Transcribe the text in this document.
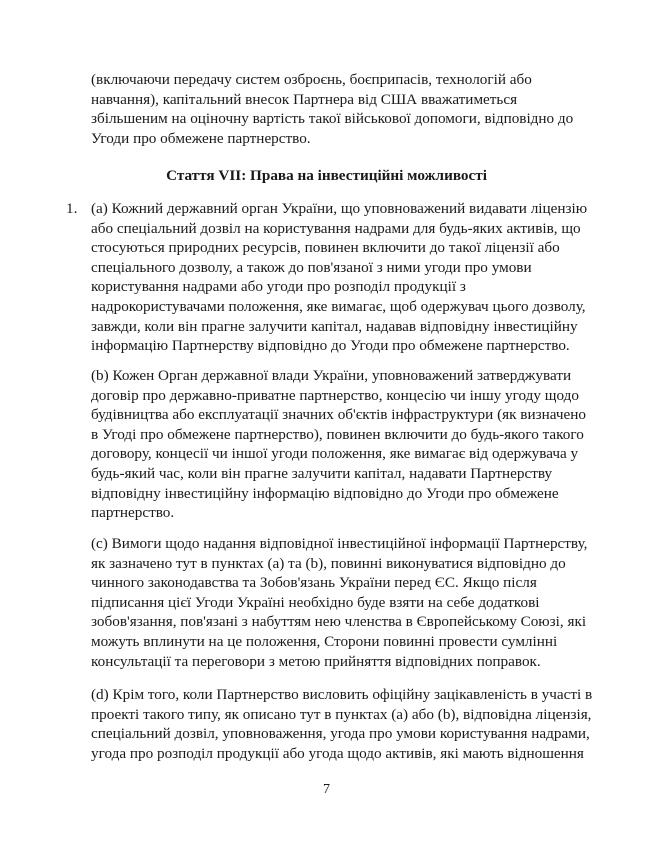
(включаючи передачу систем озброєнь, боєприпасів, технологій або
навчання), капітальний внесок Партнера від США вважатиметься
збільшеним на оціночну вартість такої військової допомоги, відповідно до
Угоди про обмежене партнерство.

Стаття VII: Права на інвестиційні можливості
1. (a) Кожний державний орган України, що уповноважений видавати ліцензію
або спеціальний дозвіл на користування надрами для будь-яких активів, що
стосуються природних ресурсів, повинен включити до такої ліцензії або
спеціального дозволу, а також до пов'язаної з ними угоди про умови
користування надрами або угоди про розподіл продукції з
надрокористувачами положення, яке вимагає, щоб одержувач цього дозволу,
завжди, коли він прагне залучити капітал, надавав відповідну інвестиційну
інформацію Партнерству відповідно до Угоди про обмежене партнерство.

(b) Кожен Орган державної влади України, уповноважений затверджувати
договір про державно-приватне партнерство, концесію чи іншу угоду щодо
будівництва або експлуатації значних об'єктів інфраструктури (як визначено
в Угоді про обмежене партнерство), повинен включити до будь-якого такого
договору, концесії чи іншої угоди положення, яке вимагає від одержувача у
будь-який час, коли він прагне залучити капітал, надавати Партнерству
відповідну інвестиційну інформацію відповідно до Угоди про обмежене
партнерство.

(c) Вимоги щодо надання відповідної інвестиційної інформації Партнерству,
як зазначено тут в пунктах (a) та (b), повинні виконуватися відповідно до
чинного законодавства та Зобов'язань України перед ЄС. Якщо після
підписання цієї Угоди Україні необхідно буде взяти на себе додаткові
зобов'язання, пов'язані з набуттям нею членства в Європейському Союзі, які
можуть вплинути на це положення, Сторони повинні провести сумлінні
консультації та переговори з метою прийняття відповідних поправок.

(d) Крім того, коли Партнерство висловить офіційну зацікавленість в участі в
проекті такого типу, як описано тут в пунктах (a) або (b), відповідна ліцензія,
спеціальний дозвіл, уповноваження, угода про умови користування надрами,
угода про розподіл продукції або угода щодо активів, які мають відношення

7
